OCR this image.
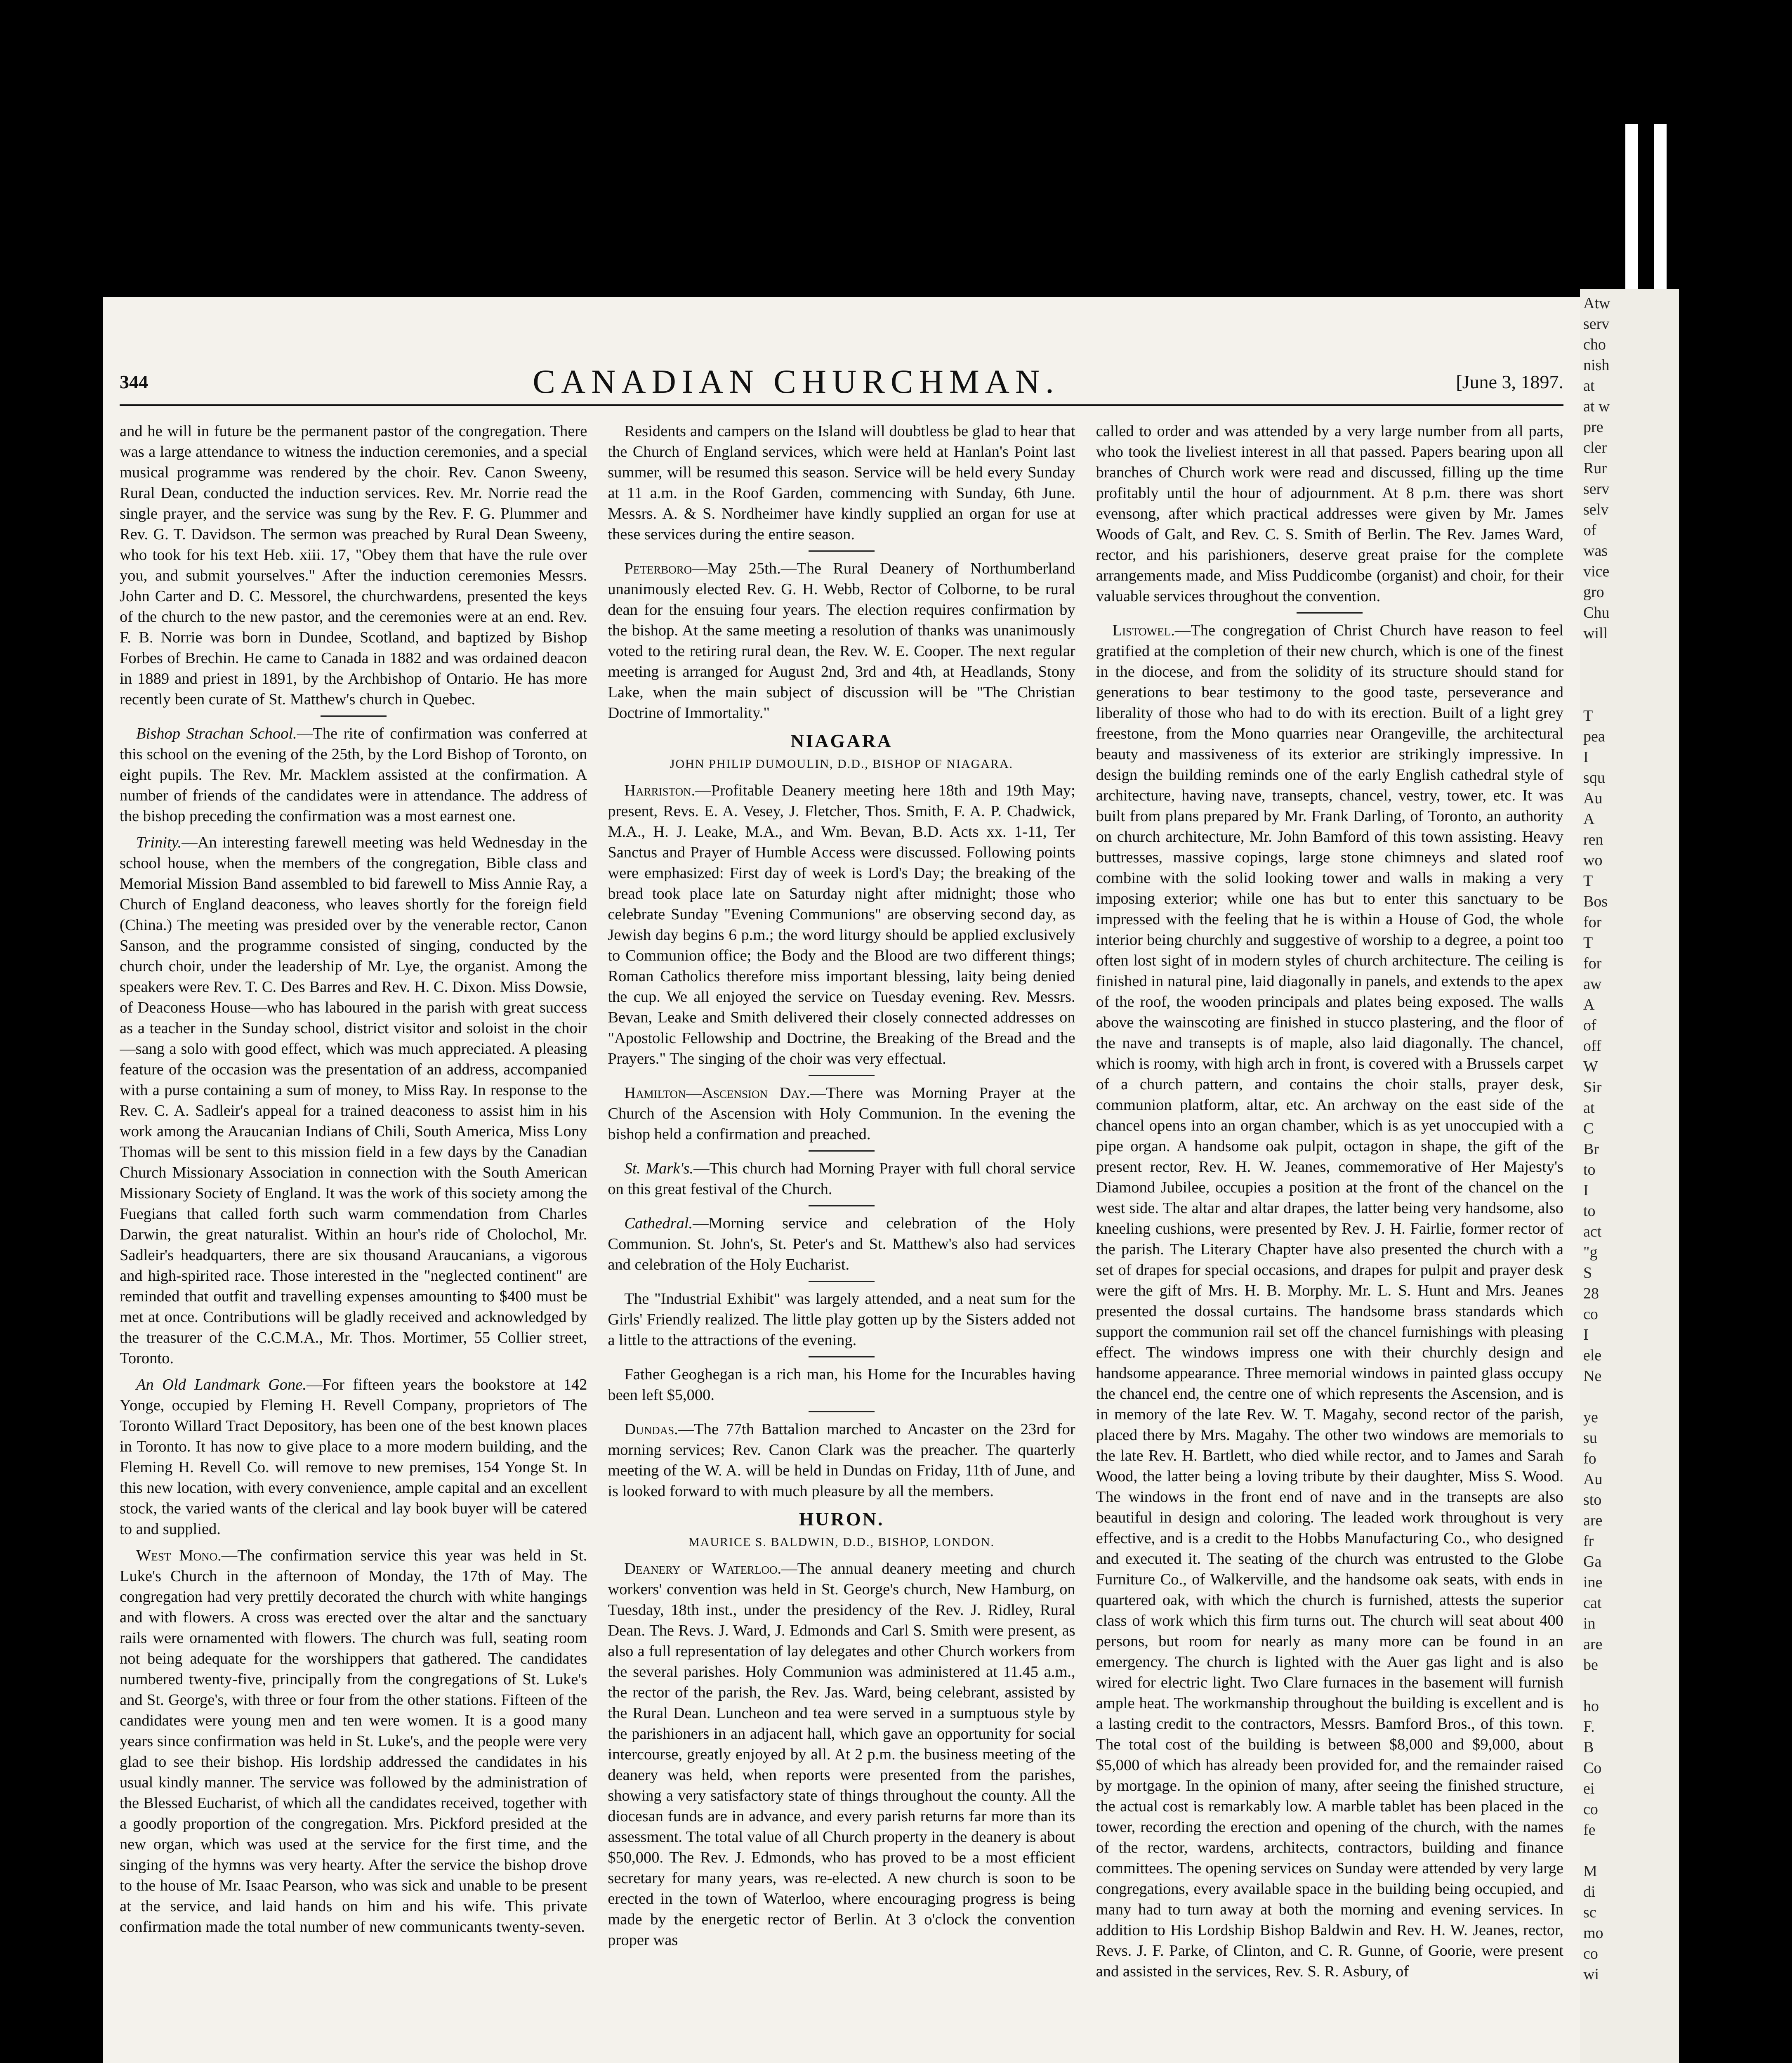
Atw
serv
cho
nish
at
at w
pre
cler
Rur
serv
selv
of
was
vice
gro
Chu
will

T
pea
I
squ
Au
A
ren
wo
T
Bos
for
T
for
aw
A
of
off
W
Sir
at
C
Br
to
I
to
act
"g
S
28
co
I
ele
Ne

ye
su
fo
Au
sto
are
fr
Ga
ine
cat
in
are
be

ho
F.
B
Co
ei
co
fe

M
di
sc
mo
co
wi
344	CANADIAN CHURCHMAN.	[June 3, 1897.

and he will in future be the permanent pastor of the congregation. There was a large attendance to witness the induction ceremonies, and a special musical programme was rendered by the choir. Rev. Canon Sweeny, Rural Dean, conducted the induction services. Rev. Mr. Norrie read the single prayer, and the service was sung by the Rev. F. G. Plummer and Rev. G. T. Davidson. The sermon was preached by Rural Dean Sweeny, who took for his text Heb. xiii. 17, "Obey them that have the rule over you, and submit yourselves." After the induction ceremonies Messrs. John Carter and D. C. Messorel, the churchwardens, presented the keys of the church to the new pastor, and the ceremonies were at an end. Rev. F. B. Norrie was born in Dundee, Scotland, and baptized by Bishop Forbes of Brechin. He came to Canada in 1882 and was ordained deacon in 1889 and priest in 1891, by the Archbishop of Ontario. He has more recently been curate of St. Matthew's church in Quebec.

Bishop Strachan School.—The rite of confirmation was conferred at this school on the evening of the 25th, by the Lord Bishop of Toronto, on eight pupils. The Rev. Mr. Macklem assisted at the confirmation. A number of friends of the candidates were in attendance. The address of the bishop preceding the confirmation was a most earnest one.

Trinity.—An interesting farewell meeting was held Wednesday in the school house, when the members of the congregation, Bible class and Memorial Mission Band assembled to bid farewell to Miss Annie Ray, a Church of England deaconess, who leaves shortly for the foreign field (China.) The meeting was presided over by the venerable rector, Canon Sanson, and the programme consisted of singing, conducted by the church choir, under the leadership of Mr. Lye, the organist. Among the speakers were Rev. T. C. Des Barres and Rev. H. C. Dixon. Miss Dowsie, of Deaconess House—who has laboured in the parish with great success as a teacher in the Sunday school, district visitor and soloist in the choir—sang a solo with good effect, which was much appreciated. A pleasing feature of the occasion was the presentation of an address, accompanied with a purse containing a sum of money, to Miss Ray. In response to the Rev. C. A. Sadleir's appeal for a trained deaconess to assist him in his work among the Araucanian Indians of Chili, South America, Miss Lony Thomas will be sent to this mission field in a few days by the Canadian Church Missionary Association in connection with the South American Missionary Society of England. It was the work of this society among the Fuegians that called forth such warm commendation from Charles Darwin, the great naturalist. Within an hour's ride of Cholochol, Mr. Sadleir's headquarters, there are six thousand Araucanians, a vigorous and high-spirited race. Those interested in the "neglected continent" are reminded that outfit and travelling expenses amounting to $400 must be met at once. Contributions will be gladly received and acknowledged by the treasurer of the C.C.M.A., Mr. Thos. Mortimer, 55 Collier street, Toronto.

An Old Landmark Gone.—For fifteen years the bookstore at 142 Yonge, occupied by Fleming H. Revell Company, proprietors of The Toronto Willard Tract Depository, has been one of the best known places in Toronto. It has now to give place to a more modern building, and the Fleming H. Revell Co. will remove to new premises, 154 Yonge St. In this new location, with every convenience, ample capital and an excellent stock, the varied wants of the clerical and lay book buyer will be catered to and supplied.

West Mono.—The confirmation service this year was held in St. Luke's Church in the afternoon of Monday, the 17th of May. The congregation had very prettily decorated the church with white hangings and with flowers. A cross was erected over the altar and the sanctuary rails were ornamented with flowers. The church was full, seating room not being adequate for the worshippers that gathered. The candidates numbered twenty-five, principally from the congregations of St. Luke's and St. George's, with three or four from the other stations. Fifteen of the candidates were young men and ten were women. It is a good many years since confirmation was held in St. Luke's, and the people were very glad to see their bishop. His lordship addressed the candidates in his usual kindly manner. The service was followed by the administration of the Blessed Eucharist, of which all the candidates received, together with a goodly proportion of the congregation. Mrs. Pickford presided at the new organ, which was used at the service for the first time, and the singing of the hymns was very hearty. After the service the bishop drove to the house of Mr. Isaac Pearson, who was sick and unable to be present at the service, and laid hands on him and his wife. This private confirmation made the total number of new communicants twenty-seven.

Residents and campers on the Island will doubtless be glad to hear that the Church of England services, which were held at Hanlan's Point last summer, will be resumed this season. Service will be held every Sunday at 11 a.m. in the Roof Garden, commencing with Sunday, 6th June. Messrs. A. & S. Nordheimer have kindly supplied an organ for use at these services during the entire season.

Peterboro—May 25th.—The Rural Deanery of Northumberland unanimously elected Rev. G. H. Webb, Rector of Colborne, to be rural dean for the ensuing four years. The election requires confirmation by the bishop. At the same meeting a resolution of thanks was unanimously voted to the retiring rural dean, the Rev. W. E. Cooper. The next regular meeting is arranged for August 2nd, 3rd and 4th, at Headlands, Stony Lake, when the main subject of discussion will be "The Christian Doctrine of Immortality."

NIAGARA
JOHN PHILIP DUMOULIN, D.D., BISHOP OF NIAGARA.

Harriston.—Profitable Deanery meeting here 18th and 19th May; present, Revs. E. A. Vesey, J. Fletcher, Thos. Smith, F. A. P. Chadwick, M.A., H. J. Leake, M.A., and Wm. Bevan, B.D. Acts xx. 1-11, Ter Sanctus and Prayer of Humble Access were discussed. Following points were emphasized: First day of week is Lord's Day; the breaking of the bread took place late on Saturday night after midnight; those who celebrate Sunday "Evening Communions" are observing second day, as Jewish day begins 6 p.m.; the word liturgy should be applied exclusively to Communion office; the Body and the Blood are two different things; Roman Catholics therefore miss important blessing, laity being denied the cup. We all enjoyed the service on Tuesday evening. Rev. Messrs. Bevan, Leake and Smith delivered their closely connected addresses on "Apostolic Fellowship and Doctrine, the Breaking of the Bread and the Prayers." The singing of the choir was very effectual.

Hamilton—Ascension Day.—There was Morning Prayer at the Church of the Ascension with Holy Communion. In the evening the bishop held a confirmation and preached.

St. Mark's.—This church had Morning Prayer with full choral service on this great festival of the Church.

Cathedral.—Morning service and celebration of the Holy Communion. St. John's, St. Peter's and St. Matthew's also had services and celebration of the Holy Eucharist.

The "Industrial Exhibit" was largely attended, and a neat sum for the Girls' Friendly realized. The little play gotten up by the Sisters added not a little to the attractions of the evening.

Father Geoghegan is a rich man, his Home for the Incurables having been left $5,000.

Dundas.—The 77th Battalion marched to Ancaster on the 23rd for morning services; Rev. Canon Clark was the preacher. The quarterly meeting of the W. A. will be held in Dundas on Friday, 11th of June, and is looked forward to with much pleasure by all the members.

HURON.
MAURICE S. BALDWIN, D.D., BISHOP, LONDON.

Deanery of Waterloo.—The annual deanery meeting and church workers' convention was held in St. George's church, New Hamburg, on Tuesday, 18th inst., under the presidency of the Rev. J. Ridley, Rural Dean. The Revs. J. Ward, J. Edmonds and Carl S. Smith were present, as also a full representation of lay delegates and other Church workers from the several parishes. Holy Communion was administered at 11.45 a.m., the rector of the parish, the Rev. Jas. Ward, being celebrant, assisted by the Rural Dean. Luncheon and tea were served in a sumptuous style by the parishioners in an adjacent hall, which gave an opportunity for social intercourse, greatly enjoyed by all. At 2 p.m. the business meeting of the deanery was held, when reports were presented from the parishes, showing a very satisfactory state of things throughout the county. All the diocesan funds are in advance, and every parish returns far more than its assessment. The total value of all Church property in the deanery is about $50,000. The Rev. J. Edmonds, who has proved to be a most efficient secretary for many years, was re-elected. A new church is soon to be erected in the town of Waterloo, where encouraging progress is being made by the energetic rector of Berlin. At 3 o'clock the convention proper was

called to order and was attended by a very large number from all parts, who took the liveliest interest in all that passed. Papers bearing upon all branches of Church work were read and discussed, filling up the time profitably until the hour of adjournment. At 8 p.m. there was short evensong, after which practical addresses were given by Mr. James Woods of Galt, and Rev. C. S. Smith of Berlin. The Rev. James Ward, rector, and his parishioners, deserve great praise for the complete arrangements made, and Miss Puddicombe (organist) and choir, for their valuable services throughout the convention.

Listowel.—The congregation of Christ Church have reason to feel gratified at the completion of their new church, which is one of the finest in the diocese, and from the solidity of its structure should stand for generations to bear testimony to the good taste, perseverance and liberality of those who had to do with its erection. Built of a light grey freestone, from the Mono quarries near Orangeville, the architectural beauty and massiveness of its exterior are strikingly impressive. In design the building reminds one of the early English cathedral style of architecture, having nave, transepts, chancel, vestry, tower, etc. It was built from plans prepared by Mr. Frank Darling, of Toronto, an authority on church architecture, Mr. John Bamford of this town assisting. Heavy buttresses, massive copings, large stone chimneys and slated roof combine with the solid looking tower and walls in making a very imposing exterior; while one has but to enter this sanctuary to be impressed with the feeling that he is within a House of God, the whole interior being churchly and suggestive of worship to a degree, a point too often lost sight of in modern styles of church architecture. The ceiling is finished in natural pine, laid diagonally in panels, and extends to the apex of the roof, the wooden principals and plates being exposed. The walls above the wainscoting are finished in stucco plastering, and the floor of the nave and transepts is of maple, also laid diagonally. The chancel, which is roomy, with high arch in front, is covered with a Brussels carpet of a church pattern, and contains the choir stalls, prayer desk, communion platform, altar, etc. An archway on the east side of the chancel opens into an organ chamber, which is as yet unoccupied with a pipe organ. A handsome oak pulpit, octagon in shape, the gift of the present rector, Rev. H. W. Jeanes, commemorative of Her Majesty's Diamond Jubilee, occupies a position at the front of the chancel on the west side. The altar and altar drapes, the latter being very handsome, also kneeling cushions, were presented by Rev. J. H. Fairlie, former rector of the parish. The Literary Chapter have also presented the church with a set of drapes for special occasions, and drapes for pulpit and prayer desk were the gift of Mrs. H. B. Morphy. Mr. L. S. Hunt and Mrs. Jeanes presented the dossal curtains. The handsome brass standards which support the communion rail set off the chancel furnishings with pleasing effect. The windows impress one with their churchly design and handsome appearance. Three memorial windows in painted glass occupy the chancel end, the centre one of which represents the Ascension, and is in memory of the late Rev. W. T. Magahy, second rector of the parish, placed there by Mrs. Magahy. The other two windows are memorials to the late Rev. H. Bartlett, who died while rector, and to James and Sarah Wood, the latter being a loving tribute by their daughter, Miss S. Wood. The windows in the front end of nave and in the transepts are also beautiful in design and coloring. The leaded work throughout is very effective, and is a credit to the Hobbs Manufacturing Co., who designed and executed it. The seating of the church was entrusted to the Globe Furniture Co., of Walkerville, and the handsome oak seats, with ends in quartered oak, with which the church is furnished, attests the superior class of work which this firm turns out. The church will seat about 400 persons, but room for nearly as many more can be found in an emergency. The church is lighted with the Auer gas light and is also wired for electric light. Two Clare furnaces in the basement will furnish ample heat. The workmanship throughout the building is excellent and is a lasting credit to the contractors, Messrs. Bamford Bros., of this town. The total cost of the building is between $8,000 and $9,000, about $5,000 of which has already been provided for, and the remainder raised by mortgage. In the opinion of many, after seeing the finished structure, the actual cost is remarkably low. A marble tablet has been placed in the tower, recording the erection and opening of the church, with the names of the rector, wardens, architects, contractors, building and finance committees. The opening services on Sunday were attended by very large congregations, every available space in the building being occupied, and many had to turn away at both the morning and evening services. In addition to His Lordship Bishop Baldwin and Rev. H. W. Jeanes, rector, Revs. J. F. Parke, of Clinton, and C. R. Gunne, of Goorie, were present and assisted in the services, Rev. S. R. Asbury, of
